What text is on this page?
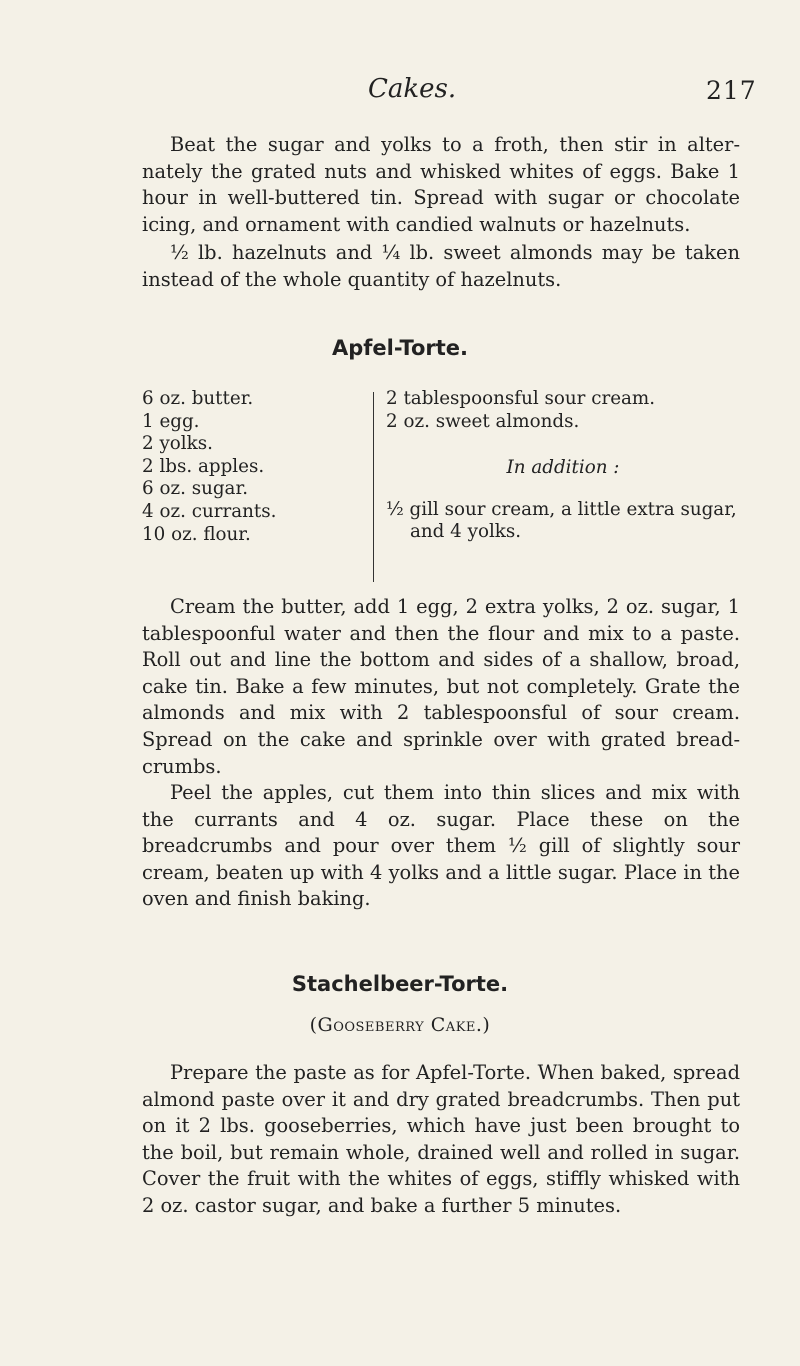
Cakes.	217

Beat the sugar and yolks to a froth, then stir in alternately the grated nuts and whisked whites of eggs. Bake 1 hour in well-buttered tin. Spread with sugar or chocolate icing, and ornament with candied walnuts or hazelnuts.

½ lb. hazelnuts and ¼ lb. sweet almonds may be taken instead of the whole quantity of hazelnuts.

Apfel-Torte.
6 oz. butter.
1 egg.
2 yolks.
2 lbs. apples.
6 oz. sugar.
4 oz. currants.
10 oz. flour.
2 tablespoonsful sour cream.
2 oz. sweet almonds.

In addition :

½ gill sour cream, a little extra sugar, and 4 yolks.

Cream the butter, add 1 egg, 2 extra yolks, 2 oz. sugar, 1 tablespoonful water and then the flour and mix to a paste. Roll out and line the bottom and sides of a shallow, broad, cake tin. Bake a few minutes, but not completely. Grate the almonds and mix with 2 tablespoonsful of sour cream. Spread on the cake and sprinkle over with grated breadcrumbs.

Peel the apples, cut them into thin slices and mix with the currants and 4 oz. sugar. Place these on the breadcrumbs and pour over them ½ gill of slightly sour cream, beaten up with 4 yolks and a little sugar. Place in the oven and finish baking.

Stachelbeer-Torte.

(Gooseberry Cake.)

Prepare the paste as for Apfel-Torte. When baked, spread almond paste over it and dry grated breadcrumbs. Then put on it 2 lbs. gooseberries, which have just been brought to the boil, but remain whole, drained well and rolled in sugar. Cover the fruit with the whites of eggs, stiffly whisked with 2 oz. castor sugar, and bake a further 5 minutes.
